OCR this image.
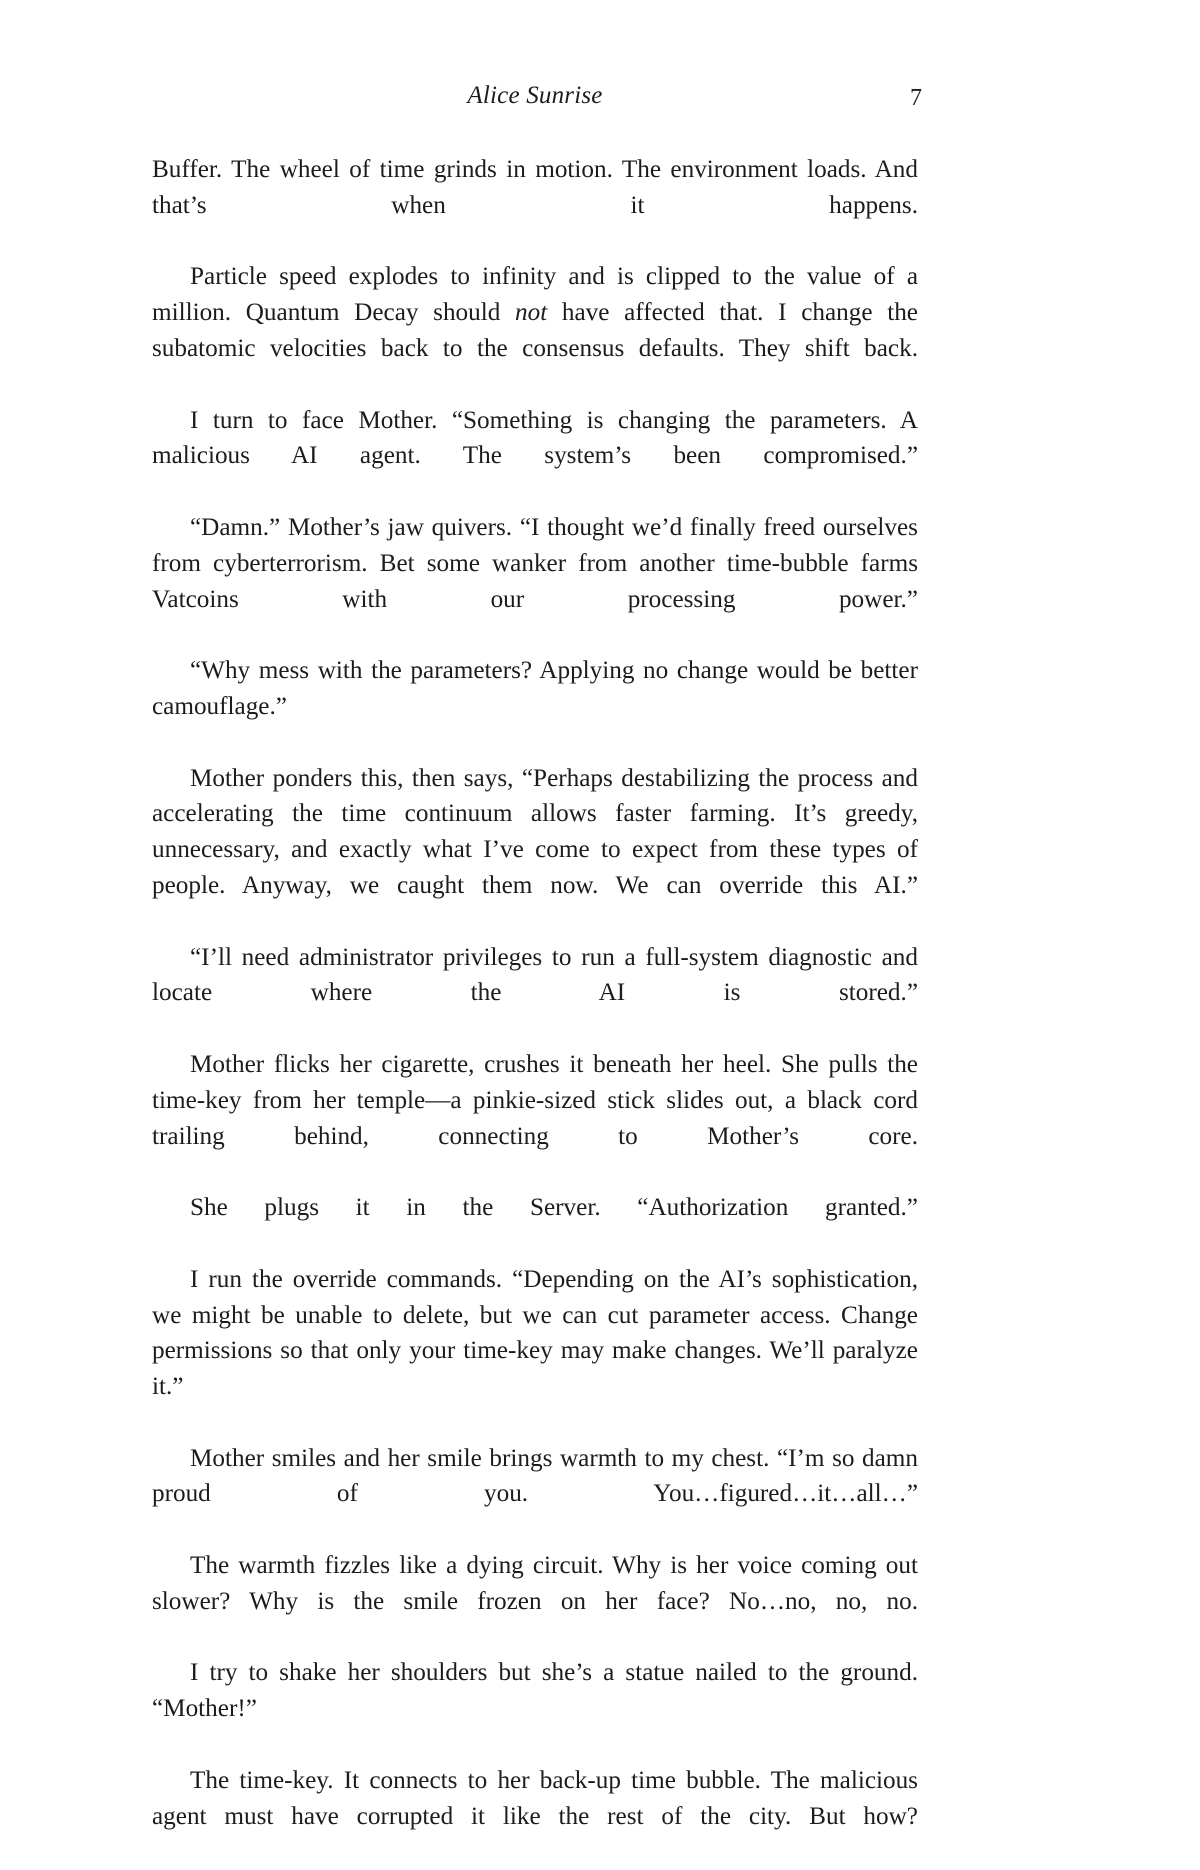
Alice Sunrise	7

Buffer. The wheel of time grinds in motion. The environment loads. And that’s when it happens.

Particle speed explodes to infinity and is clipped to the value of a million. Quantum Decay should not have affected that. I change the subatomic velocities back to the consensus defaults. They shift back.

I turn to face Mother. “Something is changing the parameters. A malicious AI agent. The system’s been compromised.”

“Damn.” Mother’s jaw quivers. “I thought we’d finally freed ourselves from cyberterrorism. Bet some wanker from another time-bubble farms Vatcoins with our processing power.”

“Why mess with the parameters? Applying no change would be better camouflage.”

Mother ponders this, then says, “Perhaps destabilizing the process and accelerating the time continuum allows faster farming. It’s greedy, unnecessary, and exactly what I’ve come to expect from these types of people. Anyway, we caught them now. We can override this AI.”

“I’ll need administrator privileges to run a full-system diagnostic and locate where the AI is stored.”

Mother flicks her cigarette, crushes it beneath her heel. She pulls the time-key from her temple—a pinkie-sized stick slides out, a black cord trailing behind, connecting to Mother’s core.

She plugs it in the Server. “Authorization granted.”

I run the override commands. “Depending on the AI’s sophistication, we might be unable to delete, but we can cut parameter access. Change permissions so that only your time-key may make changes. We’ll paralyze it.”

Mother smiles and her smile brings warmth to my chest. “I’m so damn proud of you. You…figured…it…all…”

The warmth fizzles like a dying circuit. Why is her voice coming out slower? Why is the smile frozen on her face? No…no, no, no.

I try to shake her shoulders but she’s a statue nailed to the ground. “Mother!”

The time-key. It connects to her back-up time bubble. The malicious agent must have corrupted it like the rest of the city. But how?
